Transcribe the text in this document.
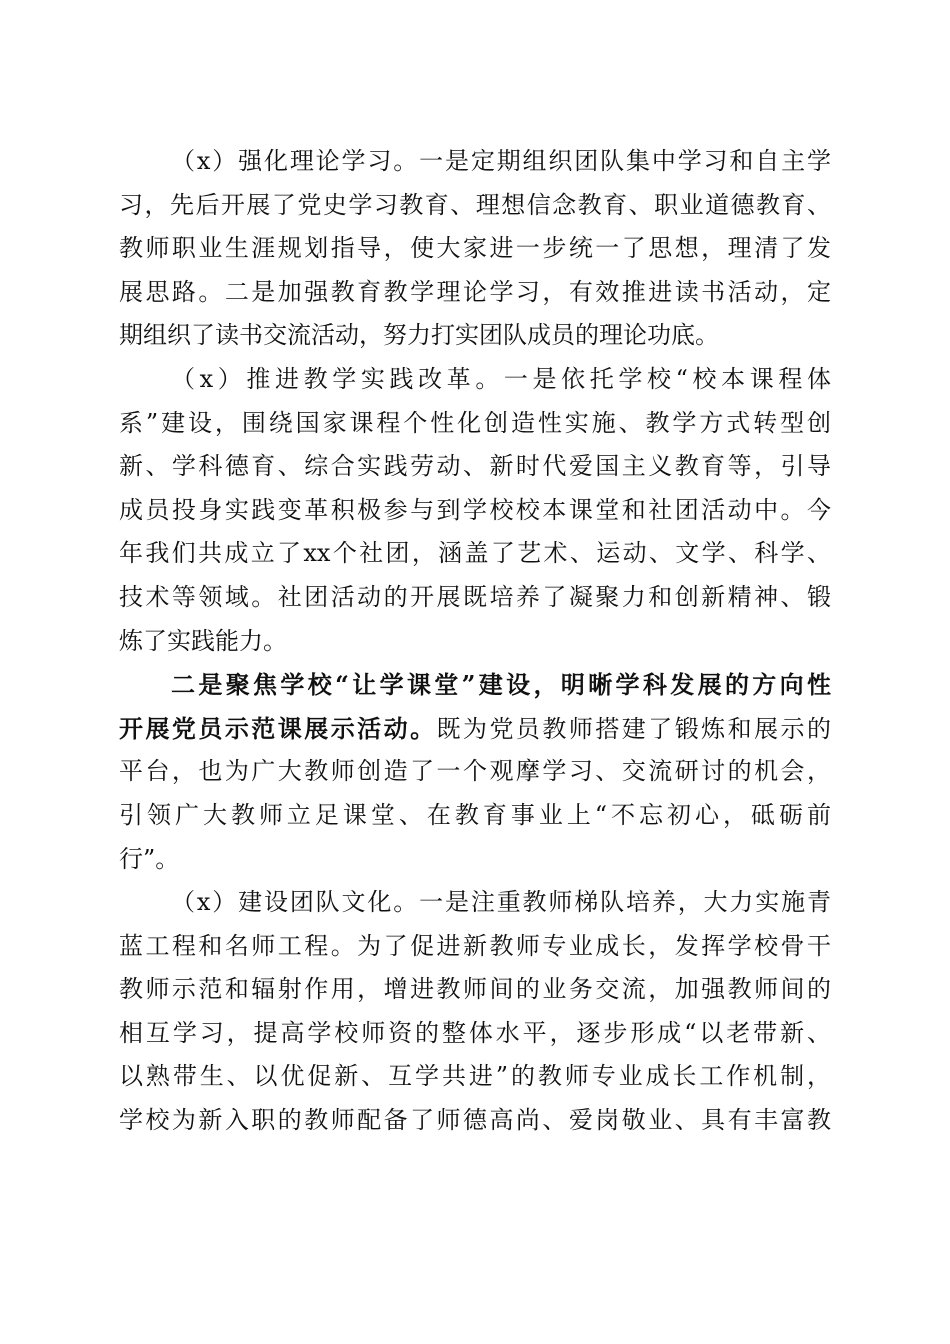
（x）强化理论学习。一是定期组织团队集中学习和自主学
习，先后开展了党史学习教育、理想信念教育、职业道德教育、
教师职业生涯规划指导，使大家进一步统一了思想，理清了发
展思路。二是加强教育教学理论学习，有效推进读书活动，定
期组织了读书交流活动，努力打实团队成员的理论功底。
（x）推进教学实践改革。一是依托学校“校本课程体
系”建设，围绕国家课程个性化创造性实施、教学方式转型创
新、学科德育、综合实践劳动、新时代爱国主义教育等，引导
成员投身实践变革积极参与到学校校本课堂和社团活动中。今
年我们共成立了xx个社团，涵盖了艺术、运动、文学、科学、
技术等领域。社团活动的开展既培养了凝聚力和创新精神、锻
炼了实践能力。
二是聚焦学校“让学课堂”建设，明晰学科发展的方向性
开展党员示范课展示活动。既为党员教师搭建了锻炼和展示的
平台，也为广大教师创造了一个观摩学习、交流研讨的机会，
引领广大教师立足课堂、在教育事业上“不忘初心，砥砺前
行”。
（x）建设团队文化。一是注重教师梯队培养，大力实施青
蓝工程和名师工程。为了促进新教师专业成长，发挥学校骨干
教师示范和辐射作用，增进教师间的业务交流，加强教师间的
相互学习，提高学校师资的整体水平，逐步形成“以老带新、
以熟带生、以优促新、互学共进”的教师专业成长工作机制，
学校为新入职的教师配备了师德高尚、爱岗敬业、具有丰富教
